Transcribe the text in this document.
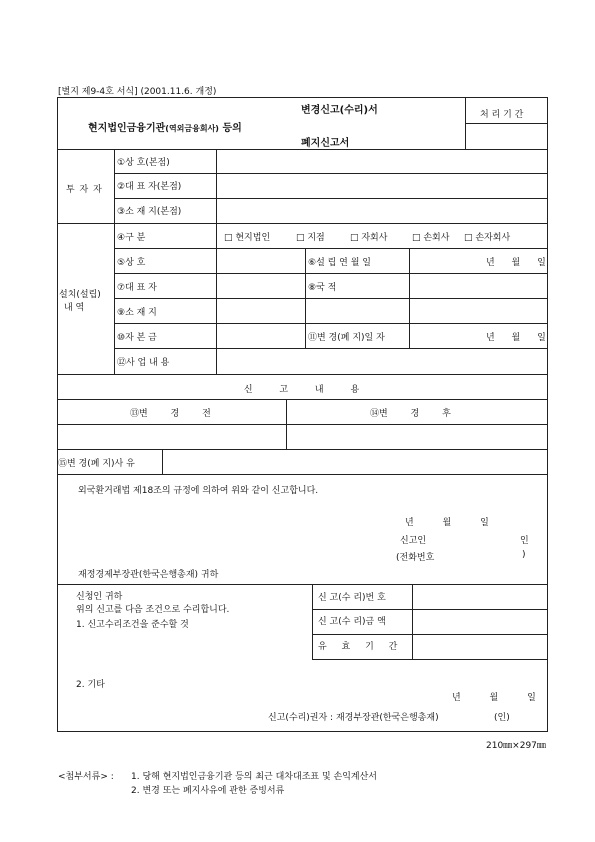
[별지 제9-4호 서식] (2001.11.6. 개정)
현지법인금융기관(역외금융회사) 등의
변경신고(수리)서
폐지신고서
처 리 기 간
투 자 자
①상 호(본점)
②대 표 자(본점)
③소 재 지(본점)
설치(설립)
내 역
④구 분	□ 현지법인	□ 지점	□ 자회사	□ 손회사 □ 손자회사
⑤상 호	⑥설 립 연 월 일	년 월 일
⑦대 표 자	⑧국 적
⑨소 재 지
⑩자 본 금	⑪변 경(폐 지)일 자	년 월 일
⑫사 업 내 용
신 고 내 용
⑬변 경 전	⑭변 경 후
⑮변 경(폐 지)사 유
외국환거래법 제18조의 규정에 의하여 위와 같이 신고합니다.
년 월 일
신고인	인
(전화번호	)
재정경제부장관(한국은행총재) 귀하
신청인 귀하
위의 신고를 다음 조건으로 수리합니다.
1. 신고수리조건을 준수할 것
신 고(수 리)번 호
신 고(수 리)금 액
유 효 기 간
2. 기타
년 월 일
신고(수리)권자 : 재경부장관(한국은행총재)	(인)
210㎜×297㎜
<첨부서류> : 1. 당해 현지법인금융기관 등의 최근 대차대조표 및 손익계산서
2. 변경 또는 폐지사유에 관한 증빙서류
